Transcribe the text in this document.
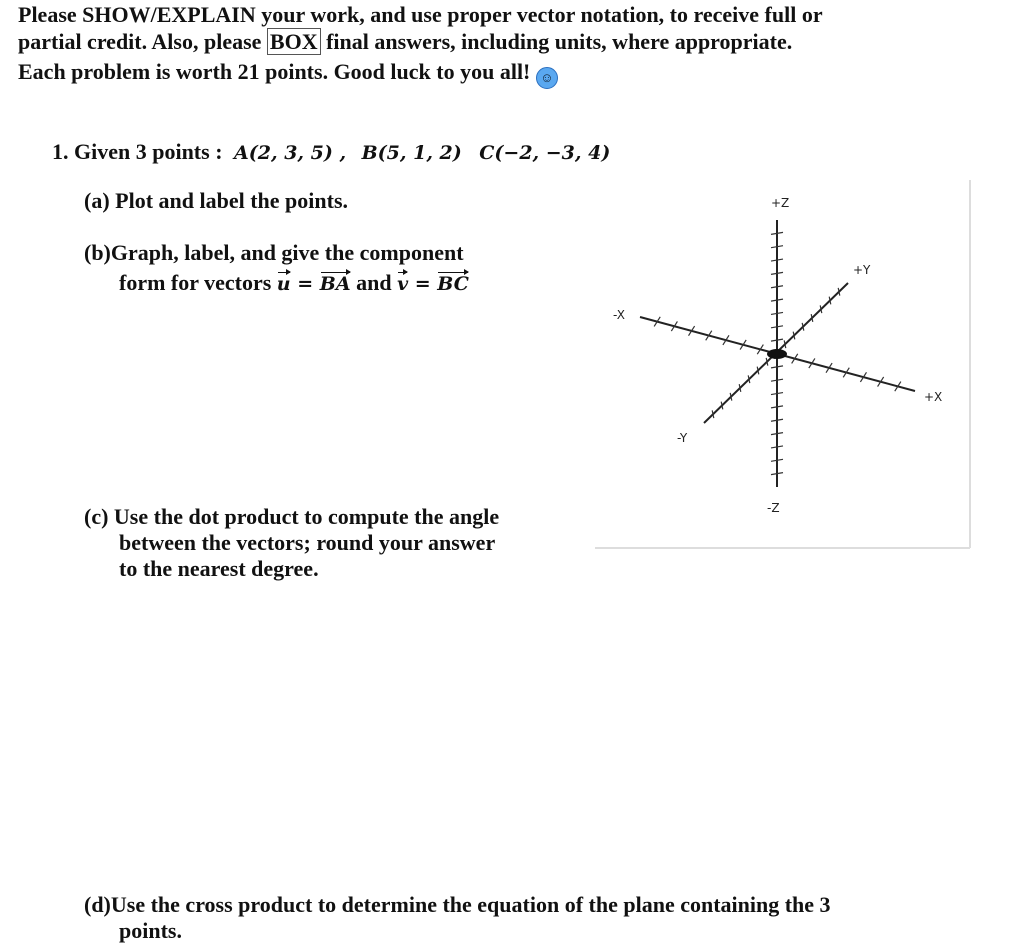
Please SHOW/EXPLAIN your work, and use proper vector notation, to receive full or
partial credit. Also, please BOX final answers, including units, where appropriate.
Each problem is worth 21 points. Good luck to you all! ☺
1. Given 3 points : A(2, 3, 5) , B(5, 1, 2) C(−2, −3, 4)
(a) Plot and label the points.
(b)Graph, label, and give the component
form for vectors u = BA and v = BC
(c) Use the dot product to compute the angle
between the vectors; round your answer
to the nearest degree.
(d)Use the cross product to determine the equation of the plane containing the 3
points.
+Z
-Z
-X
+X
+Y
-Y
